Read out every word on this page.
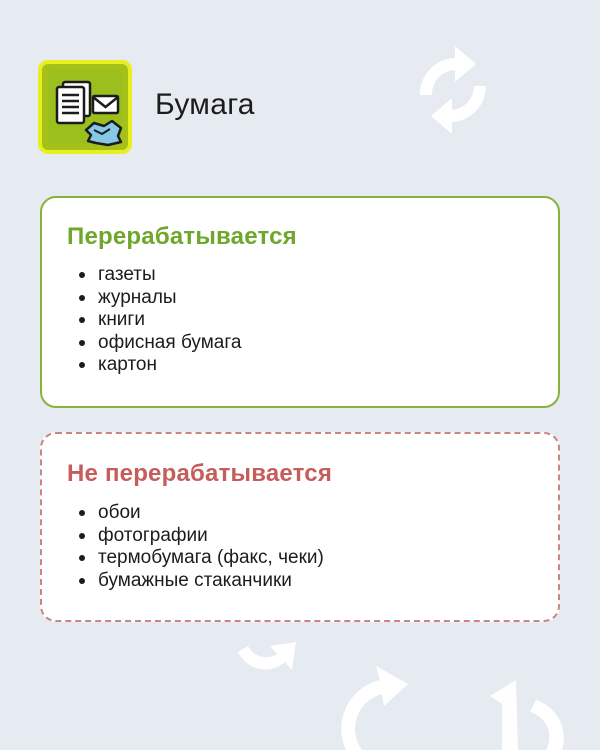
Бумага
Перерабатывается
газеты
журналы
книги
офисная бумага
картон
Не перерабатывается
обои
фотографии
термобумага (факс, чеки)
бумажные стаканчики
